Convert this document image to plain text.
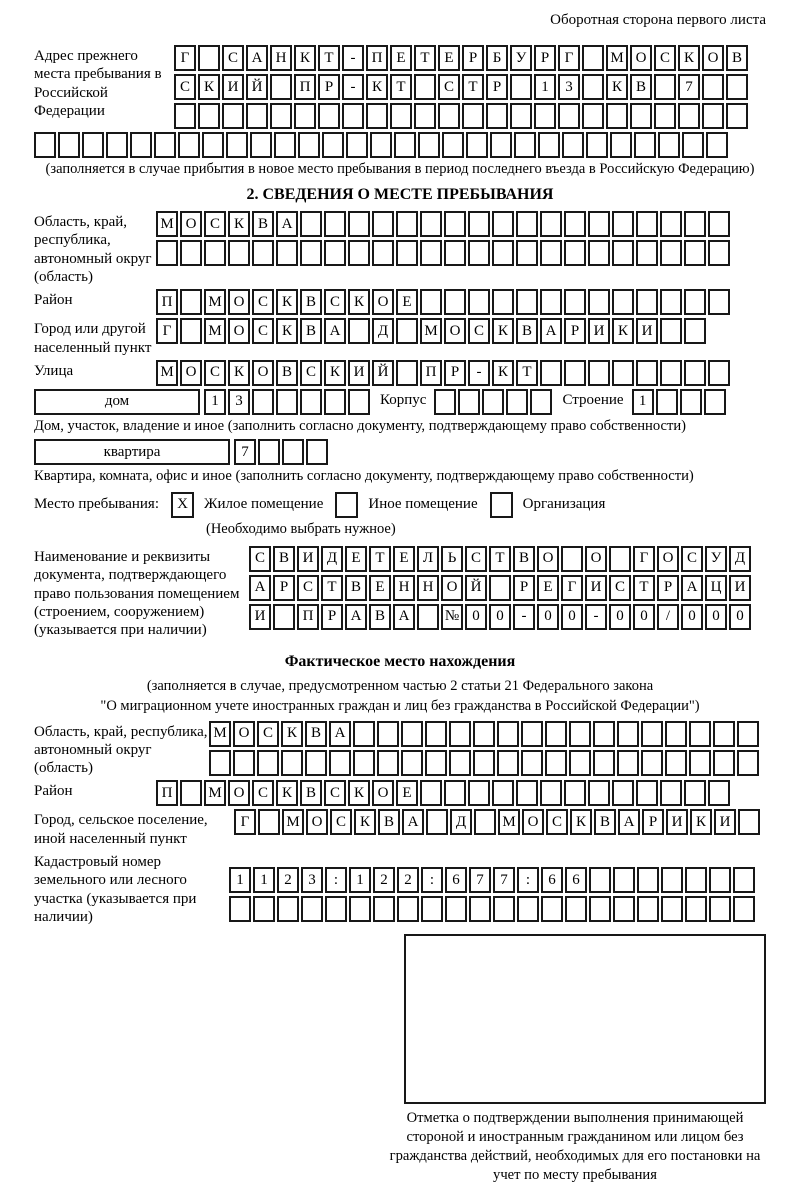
Оборотная сторона первого листа
Адрес прежнего места пребывания в Российской Федерации
Г	С А Н К Т	-	П Е Т Е	Р	Б У Р	Г	М О С К О В
С К И Й	П Р	-	К Т	С Т	Р	1	3	К В	7
(заполняется в случае прибытия в новое место пребывания в период последнего въезда в Российскую Федерацию)
2. СВЕДЕНИЯ О МЕСТЕ ПРЕБЫВАНИЯ
Область, край, республика, автономный округ (область)
М О С К В А
Район	П	М О С К В С К О Е
Город или другой населенный пункт
Г	М О С К В А	Д	М О С К В А Р И К И
Улица	М О С К О В С К И Й	П Р	-	К Т
дом	1	3	Корпус	Строение	1
Дом, участок, владение и иное (заполнить согласно документу, подтверждающему право собственности)
квартира	7
Квартира, комната, офис и иное (заполнить согласно документу, подтверждающему право собственности)
Место пребывания:	X	Жилое помещение	Иное помещение	Организация
(Необходимо выбрать нужное)
Наименование и реквизиты документа, подтверждающего право пользования помещением (строением, сооружением) (указывается при наличии)
С В И Д Е Т Е Л Ь С Т В О	О	Г О С У Д
А Р С Т В Е Н Н О Й	Р	Е	Г И С Т	Р А Ц И
И	П Р А В А	№ 0	0	-	0	0	-	0	0	/	0	0	0
Фактическое место нахождения
(заполняется в случае, предусмотренном частью 2 статьи 21 Федерального закона
"О миграционном учете иностранных граждан и лиц без гражданства в Российской Федерации")
Область, край, республика, автономный округ (область)
М О С К В А
Район	П	М О С К В С К О Е
Город, сельское поселение, иной населенный пункт
Г	М О С К В А	Д	М О С К В А Р И К И
Кадастровый номер земельного или лесного участка (указывается при наличии)
1	1	2	3	:	1	2	2	:	6	7	7	:	6	6
Отметка о подтверждении выполнения принимающей стороной и иностранным гражданином или лицом без гражданства действий, необходимых для его постановки на учет по месту пребывания
